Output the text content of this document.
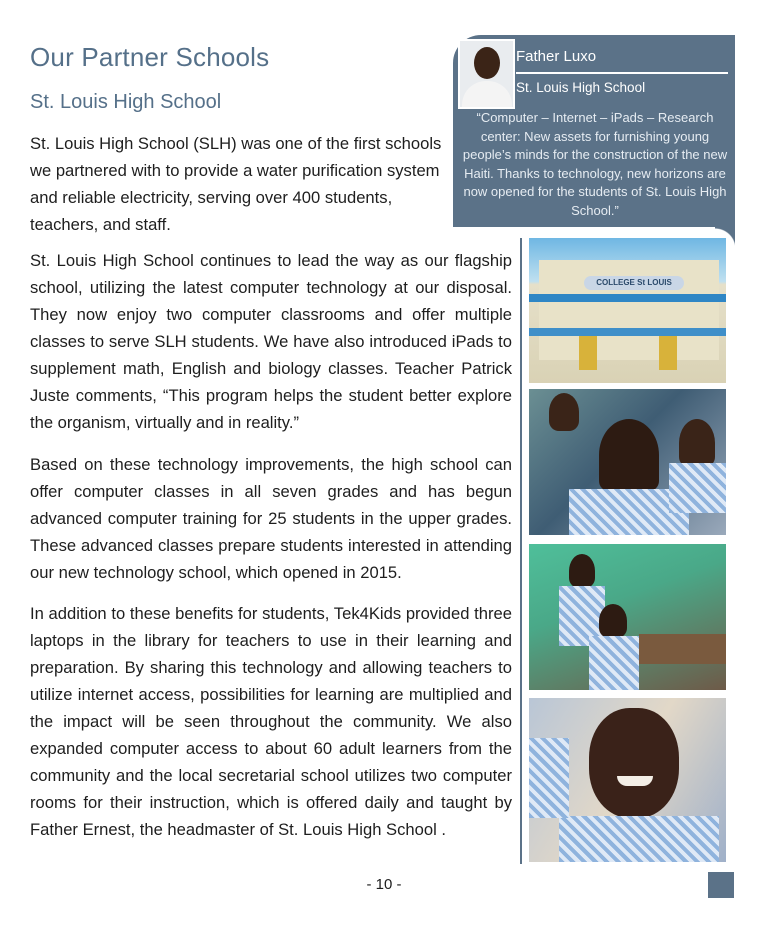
Our Partner Schools
St. Louis High School

St. Louis High School (SLH) was one of the first schools we partnered with to provide a water purification system and reliable electricity, serving over 400 students, teachers, and staff.

St. Louis High School continues to lead the way as our flagship school, utilizing the latest computer technology at our disposal. They now enjoy two computer classrooms and offer multiple classes to serve SLH students. We have also introduced iPads to supplement math, English and biology classes. Teacher Patrick Juste comments, “This program helps the student better explore the organism, virtually and in reality.”

Based on these technology improvements, the high school can offer computer classes in all seven grades and has begun advanced computer training for 25 students in the upper grades. These advanced classes prepare students interested in attending our new technology school, which opened in 2015.

In addition to these benefits for students, Tek4Kids provided three laptops in the library for teachers to use in their learning and preparation. By sharing this technology and allowing teachers to utilize internet access, possibilities for learning are multiplied and the impact will be seen throughout the community. We also expanded computer access to about 60 adult learners from the community and the local secretarial school utilizes two computer rooms for their instruction, which is offered daily and taught by Father Ernest, the headmaster of St. Louis High School .

Father Luxo
St. Louis High School

“Computer – Internet – iPads – Research center: New assets for furnishing young people’s minds for the construction of the new Haiti. Thanks to technology, new horizons are now opened for the students of St. Louis High School.”

COLLEGE St LOUIS
- 10 -
